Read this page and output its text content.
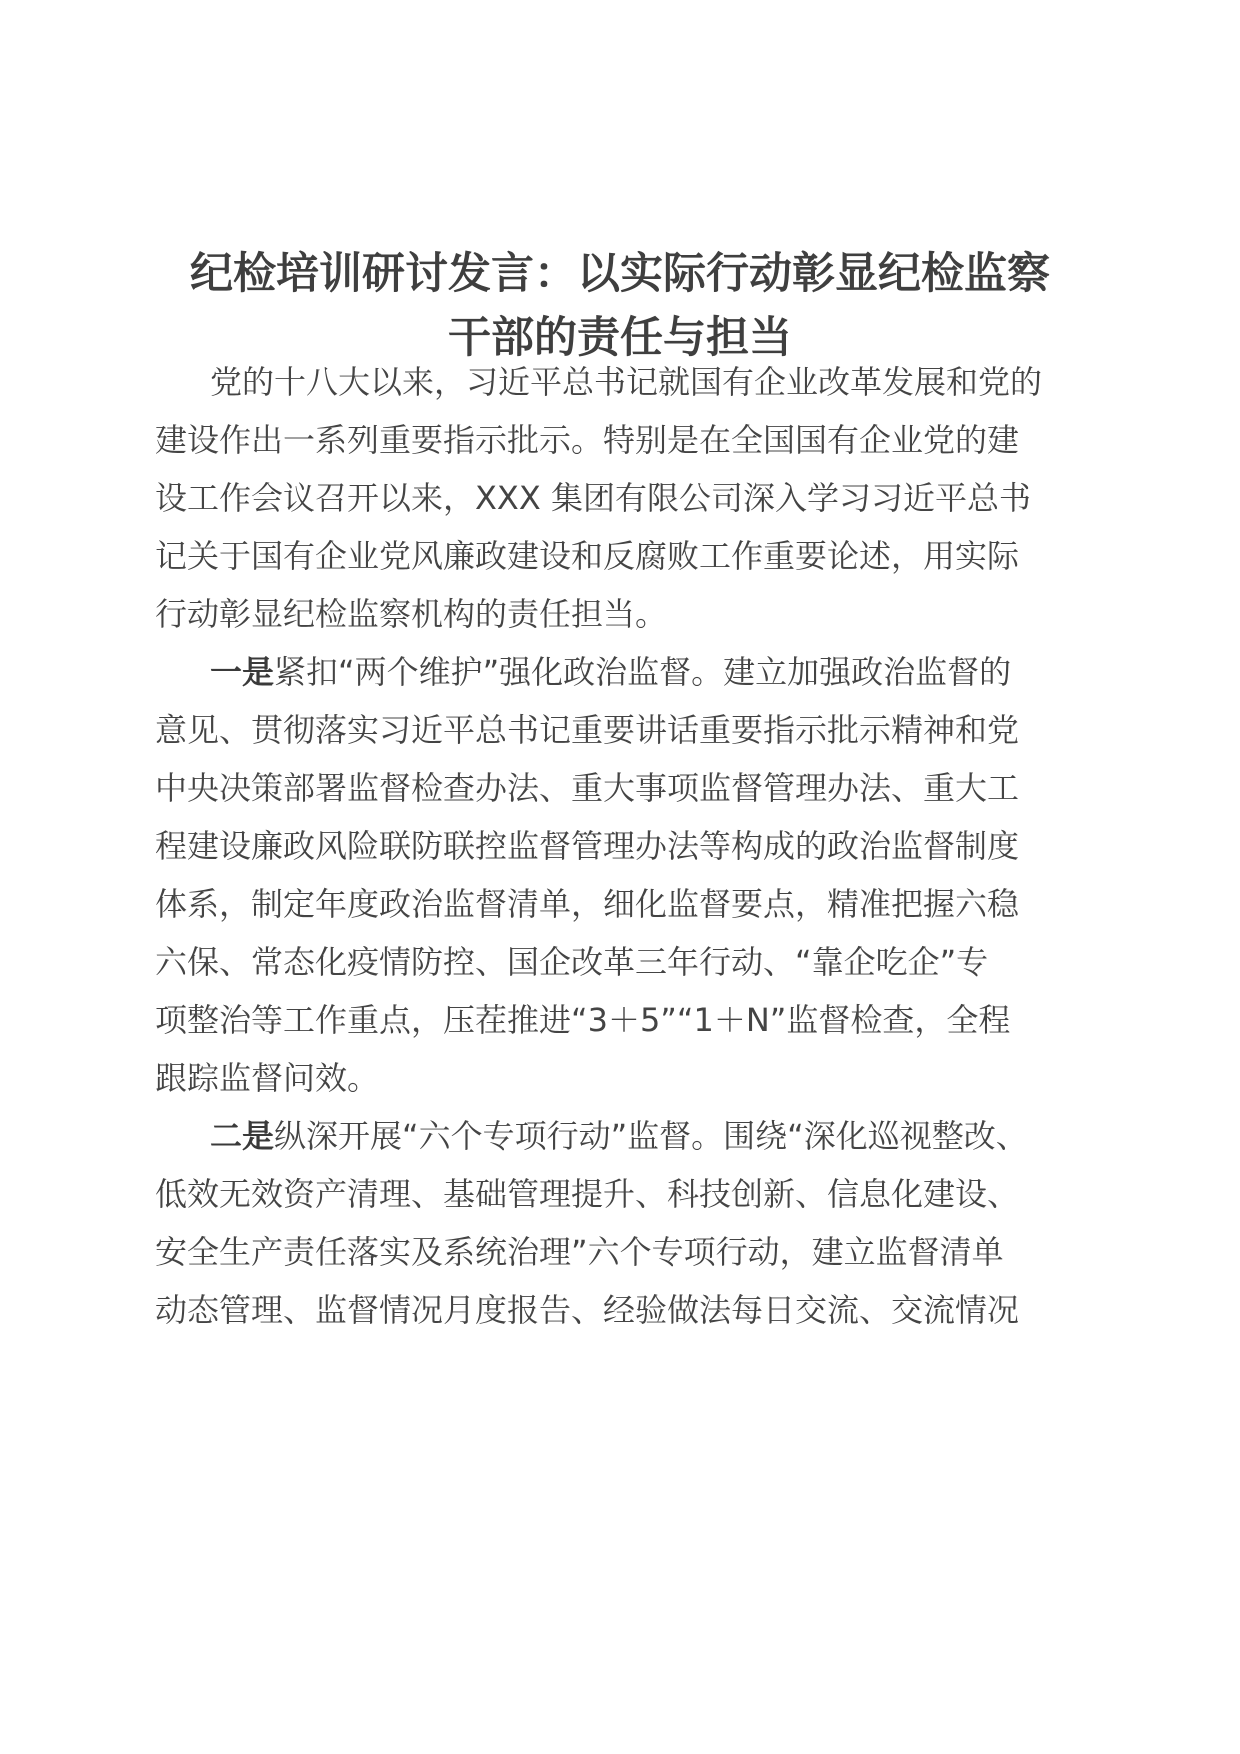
纪检培训研讨发言：以实际行动彰显纪检监察
干部的责任与担当
党的十八大以来，习近平总书记就国有企业改革发展和党的
建设作出一系列重要指示批示。特别是在全国国有企业党的建
设工作会议召开以来，XXX 集团有限公司深入学习习近平总书
记关于国有企业党风廉政建设和反腐败工作重要论述，用实际
行动彰显纪检监察机构的责任担当。
一是紧扣“两个维护”强化政治监督。建立加强政治监督的
意见、贯彻落实习近平总书记重要讲话重要指示批示精神和党
中央决策部署监督检查办法、重大事项监督管理办法、重大工
程建设廉政风险联防联控监督管理办法等构成的政治监督制度
体系，制定年度政治监督清单，细化监督要点，精准把握六稳
六保、常态化疫情防控、国企改革三年行动、“靠企吃企”专
项整治等工作重点，压茬推进“3＋5”“1＋N”监督检查，全程
跟踪监督问效。
二是纵深开展“六个专项行动”监督。围绕“深化巡视整改、
低效无效资产清理、基础管理提升、科技创新、信息化建设、
安全生产责任落实及系统治理”六个专项行动，建立监督清单
动态管理、监督情况月度报告、经验做法每日交流、交流情况
